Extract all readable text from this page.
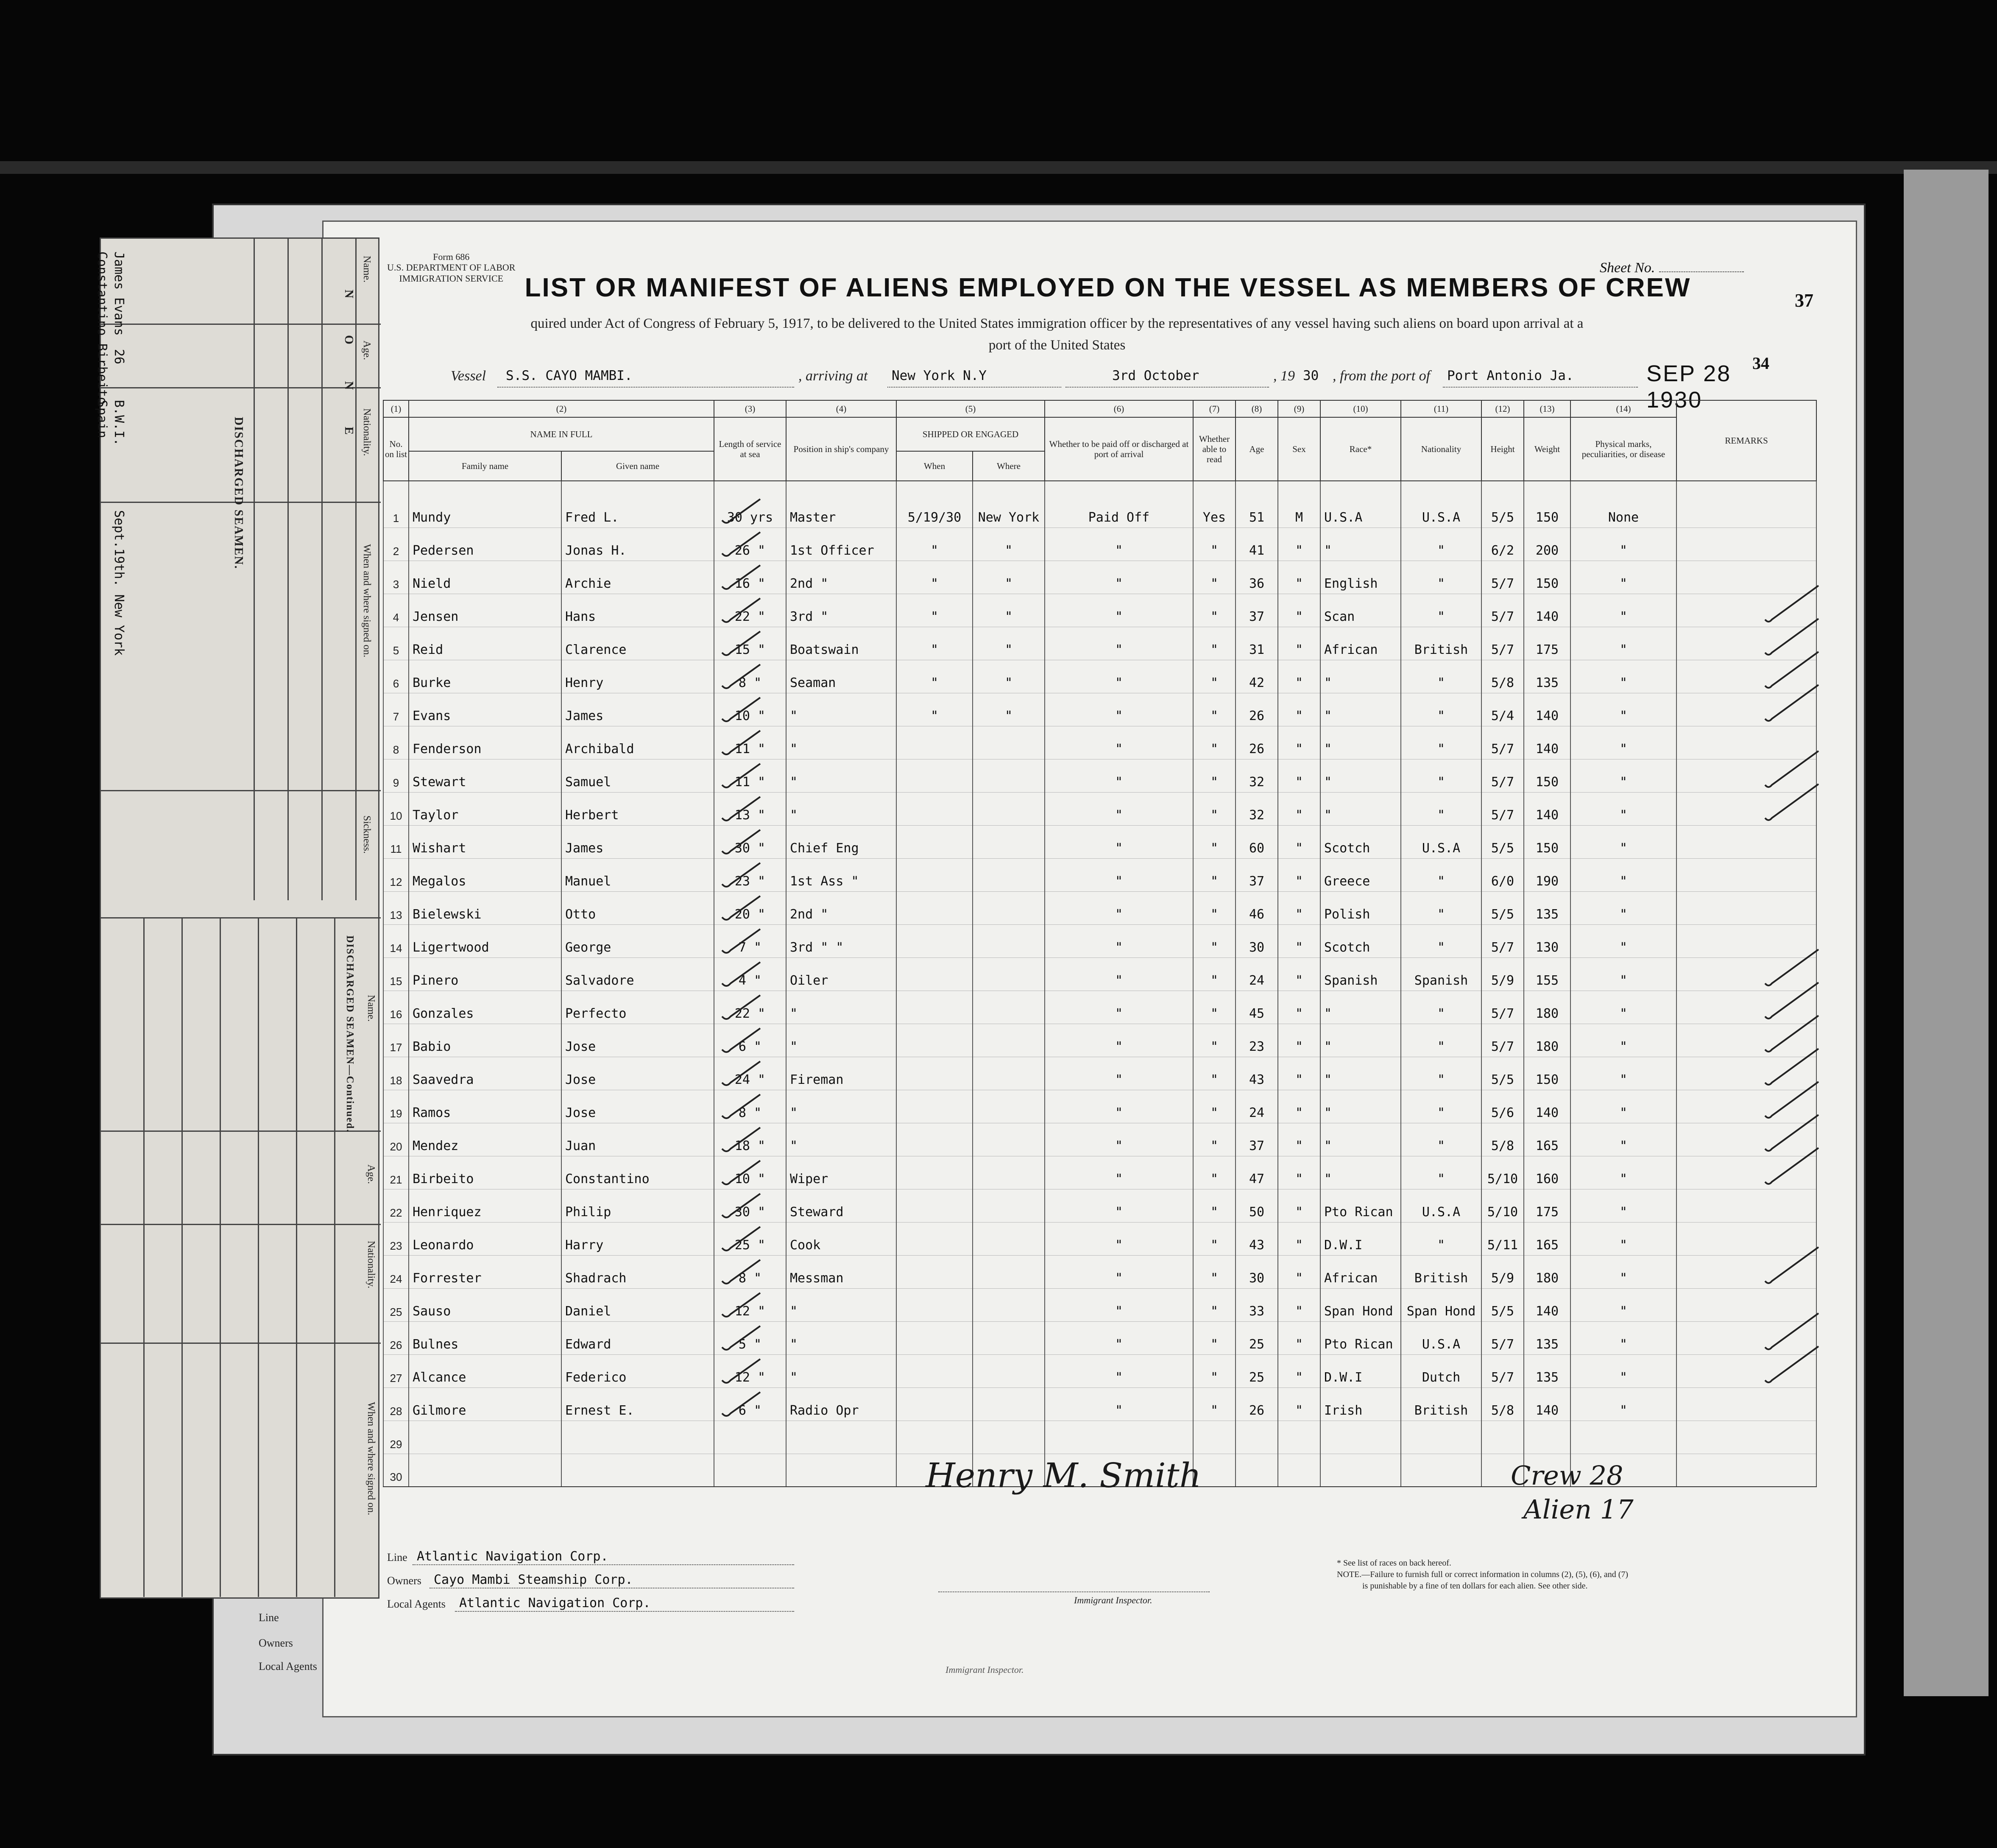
Form 686
U.S. DEPARTMENT OF LABOR
IMMIGRATION SERVICE
Sheet No.
37
34
LIST OR MANIFEST OF ALIENS EMPLOYED ON THE VESSEL AS MEMBERS OF CREW
quired under Act of Congress of February 5, 1917, to be delivered to the United States immigration officer by the representatives of any vessel having such aliens on board upon arrival at a
port of the United States
Vessel S.S. CAYO MAMBI.	, arriving at New York N.Y	3rd October	, 19 30 , from the port of Port Antonio Ja.	SEP 28 1930
(1)	(2)		(3)	(4)	(5)		(6)	(7)	(8)	(9)	(10)	(11)	(12)	(13)	(14)	REMARKS
No. on list	NAME IN FULL		Length of service at sea	Position in ship's company	SHIPPED OR ENGAGED		Whether to be paid off or discharged at port of arrival	Whether able to read	Age	Sex	Race*	Nationality	Height	Weight	Physical marks, peculiarities, or disease	
	Family name	Given name			When	Where										
1	Mundy	Fred L.	30 yrs	Master	5/19/30	New York	Paid Off	Yes	51	M	U.S.A	U.S.A	5/5	150	None	
2	Pedersen	Jonas H.	26 "	1st Officer	"	"	"	"	41	"	"	"	6/2	200	"	
3	Nield	Archie	16 "	2nd "	"	"	"	"	36	"	English	"	5/7	150	"	
4	Jensen	Hans	22 "	3rd "	"	"	"	"	37	"	Scan	"	5/7	140	"	
5	Reid	Clarence	15 "	Boatswain	"	"	"	"	31	"	African	British	5/7	175	"	
6	Burke	Henry	8 "	Seaman	"	"	"	"	42	"	"	"	5/8	135	"	
7	Evans	James	10 "	"	"	"	"	"	26	"	"	"	5/4	140	"	
8	Fenderson	Archibald	11 "	"			"	"	26	"	"	"	5/7	140	"	
9	Stewart	Samuel	11 "	"			"	"	32	"	"	"	5/7	150	"	
10	Taylor	Herbert	13 "	"			"	"	32	"	"	"	5/7	140	"	
11	Wishart	James	30 "	Chief Eng			"	"	60	"	Scotch	U.S.A	5/5	150	"	
12	Megalos	Manuel	23 "	1st Ass "			"	"	37	"	Greece	"	6/0	190	"	
13	Bielewski	Otto	20 "	2nd "			"	"	46	"	Polish	"	5/5	135	"	
14	Ligertwood	George	7 "	3rd " "			"	"	30	"	Scotch	"	5/7	130	"	
15	Pinero	Salvadore	4 "	Oiler			"	"	24	"	Spanish	Spanish	5/9	155	"	
16	Gonzales	Perfecto	22 "	"			"	"	45	"	"	"	5/7	180	"	
17	Babio	Jose	6 "	"			"	"	23	"	"	"	5/7	180	"	
18	Saavedra	Jose	24 "	Fireman			"	"	43	"	"	"	5/5	150	"	
19	Ramos	Jose	8 "	"			"	"	24	"	"	"	5/6	140	"	
20	Mendez	Juan	18 "	"			"	"	37	"	"	"	5/8	165	"	
21	Birbeito	Constantino	10 "	Wiper			"	"	47	"	"	"	5/10	160	"	
22	Henriquez	Philip	30 "	Steward			"	"	50	"	Pto Rican	U.S.A	5/10	175	"	
23	Leonardo	Harry	25 "	Cook			"	"	43	"	D.W.I	"	5/11	165	"	
24	Forrester	Shadrach	8 "	Messman			"	"	30	"	African	British	5/9	180	"	
25	Sauso	Daniel	12 "	"			"	"	33	"	Span Hond	Span Hond	5/5	140	"	
26	Bulnes	Edward	5 "	"			"	"	25	"	Pto Rican	U.S.A	5/7	135	"	
27	Alcance	Federico	12 "	"			"	"	25	"	D.W.I	Dutch	5/7	135	"	
28	Gilmore	Ernest E.	6 "	Radio Opr			"	"	26	"	Irish	British	5/8	140	"	
29																
30																	Henry M. Smith	Crew 28
Alien 17
Line Atlantic Navigation Corp.
Owners Cayo Mambi Steamship Corp.
Local Agents Atlantic Navigation Corp.	Immigrant Inspector.
* See list of races on back hereof.
NOTE.—Failure to furnish full or correct information in columns (2), (5), (6), and (7)
is punishable by a fine of ten dollars for each alien. See other side.
Name.
Age.
Nationality.
When and where signed on.
Sickness.
DISCHARGED SEAMEN.
James Evans
Constantino Birbeito 26
B.W.I.
Spain
Sept.19th. New York
N O N E
Name.
Age.
Nationality.
When and where signed on.
DISCHARGED SEAMEN—Continued.
Line
Owners
Local Agents	Immigrant Inspector.
